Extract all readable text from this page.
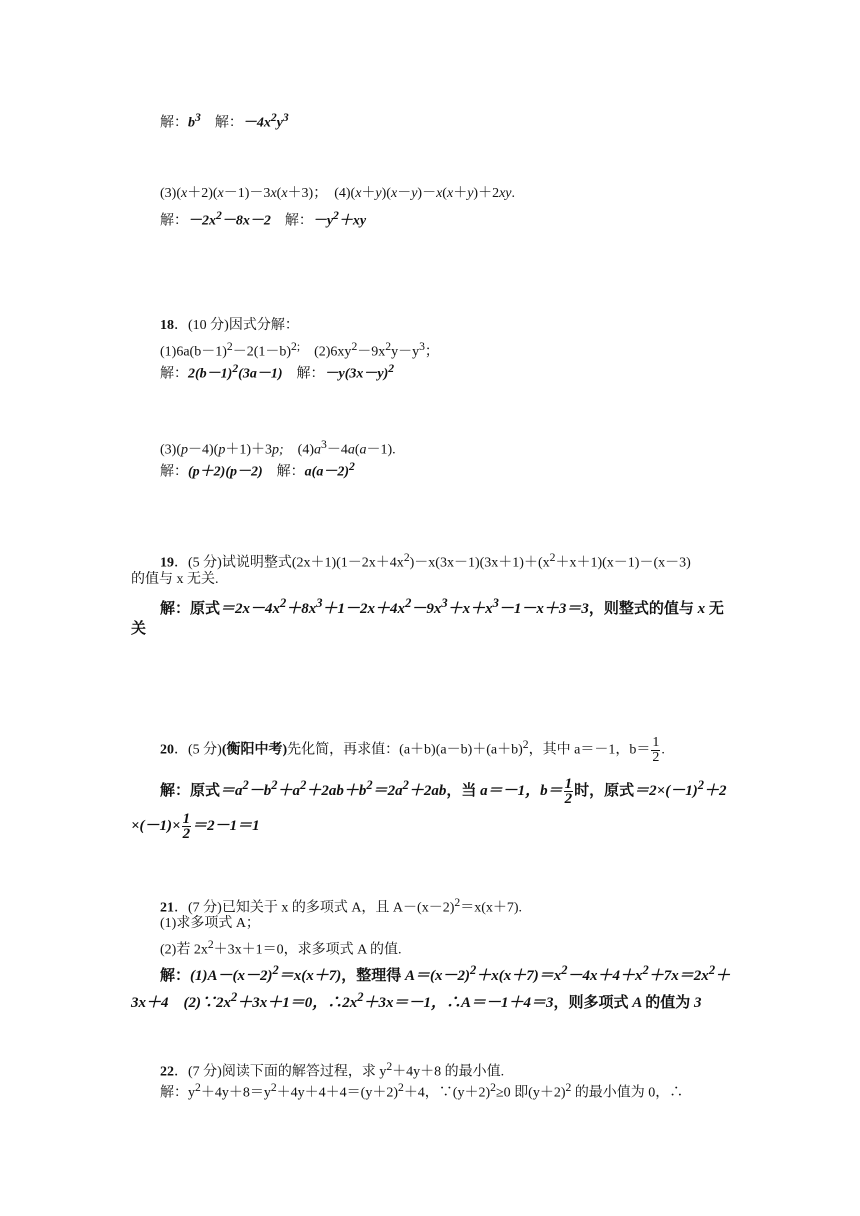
解：$b^3$　 解：$-4x^2y^3$
(3)(x＋2)(x－1)－3x(x＋3)；　(4)(x＋y)(x－y)－x(x＋y)＋2xy.
解：$-2x^2-8x-2$　解：$-y^2+xy$
18．(10 分)因式分解：
$(1)6a(b-1)^2-2(1-b)^{2;}$　$(2)6xy^2-9x^2y-y^3$；
解：$2(b-1)^2(3a-1)$　解：$-y(3x-y)^2$
(3)(p－4)(p＋1)＋3p;　$(4)a^3-4a(a-1)$.
解：(p＋2)(p－2)　解：$a(a-2)^2$
19．(5 分)试说明整式$(2x+1)(1-2x+4x^2)-x(3x-1)(3x+1)+(x^2+x+1)(x-1)-(x-3)$
的值与 x 无关.
解：原式$=2x-4x^2+8x^3+1-2x+4x^2-9x^3+x+x^3-1-x+3=3$，则整式的值与 x 无
关
20．(5 分)(衡阳中考)先化简，再求值：$(a+b)(a-b)+(a+b)^2$，其中 a＝－1，$b= \frac{1}{2}$ .
解：原式$=a^2-b^2+a^2+2ab+b^2=2a^2+2ab$，当 a＝－1，$b= \frac{1}{2}$ 时，原式$=2\times(-1)^2+2$
$\times(-1)\times \frac{1}{2} =2-1=1$
21．(7 分)已知关于 x 的多项式 A，且 $A-(x-2)^2=x(x+7)$.
(1)求多项式 A；
(2)若 $2x^2+3x+1=0$，求多项式 A 的值.
解：$(1)A-(x-2)^2=x(x+7)$，整理得 $A=(x-2)^2+x(x+7)=x^2-4x+4+x^2+7x=2x^2+$
3x＋4　$(2)\because 2x^2+3x+1=0$，$\therefore 2x^2+3x=-1$，∴A＝－1＋4＝3，则多项式 A 的值为 3
22．(7 分)阅读下面的解答过程，求 $y^2+4y+8$ 的最小值.
解：$y^2+4y+8=y^2+4y+4+4=(y+2)^2+4$，$\because(y+2)^2\ge 0$ 即$(y+2)^2$ 的最小值为 0，∴
